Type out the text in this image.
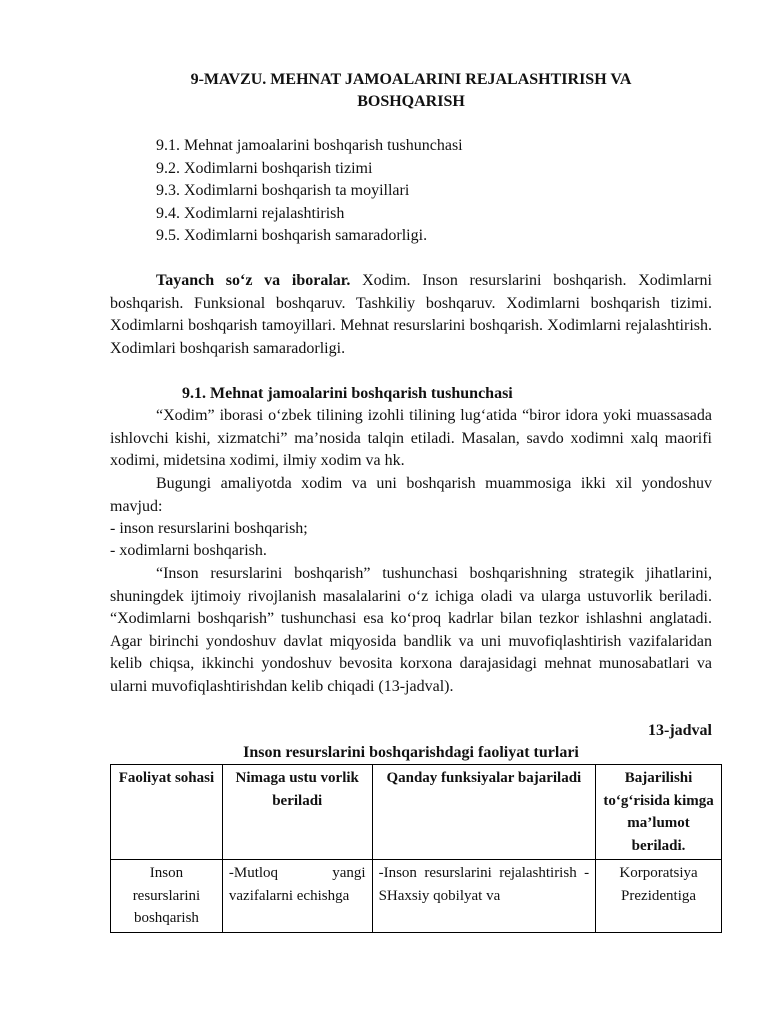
9-MAVZU. MEHNAT JAMOALARINI REJALASHTIRISH VA
BOSHQARISH
9.1. Mehnat jamoalarini boshqarish tushunchasi
9.2. Xodimlarni boshqarish tizimi
9.3. Xodimlarni boshqarish ta moyillari
9.4. Xodimlarni rejalashtirish
9.5. Xodimlarni boshqarish samaradorligi.
Tayanch so‘z va iboralar. Xodim. Inson resurslarini boshqarish. Xodimlarni boshqarish. Funksional boshqaruv. Tashkiliy boshqaruv. Xodimlarni boshqarish tizimi. Xodimlarni boshqarish tamoyillari. Mehnat resurslarini boshqarish. Xodimlarni rejalashtirish. Xodimlari boshqarish samaradorligi.
9.1. Mehnat jamoalarini boshqarish tushunchasi
“Xodim” iborasi o‘zbek tilining izohli tilining lug‘atida “biror idora yoki muassasada ishlovchi kishi, xizmatchi” ma’nosida talqin etiladi. Masalan, savdo xodimni xalq maorifi xodimi, midetsina xodimi, ilmiy xodim va hk.
Bugungi amaliyotda xodim va uni boshqarish muammosiga ikki xil yondoshuv mavjud:
- inson resurslarini boshqarish;
- xodimlarni boshqarish.
“Inson resurslarini boshqarish” tushunchasi boshqarishning strategik jihatlarini, shuningdek ijtimoiy rivojlanish masalalarini o‘z ichiga oladi va ularga ustuvorlik beriladi. “Xodimlarni boshqarish” tushunchasi esa ko‘proq kadrlar bilan tezkor ishlashni anglatadi. Agar birinchi yondoshuv davlat miqyosida bandlik va uni muvofiqlashtirish vazifalaridan kelib chiqsa, ikkinchi yondoshuv bevosita korxona darajasidagi mehnat munosabatlari va ularni muvofiqlashtirishdan kelib chiqadi (13-jadval).
13-jadval
Inson resurslarini boshqarishdagi faoliyat turlari
Faoliyat sohasi	Nimaga ustu vorlik beriladi	Qanday funksiyalar bajariladi	Bajarilishi to‘g‘risida kimga ma’lumot beriladi.
Inson resurslarini boshqarish	-Mutloq yangi vazifalarni echishga	-Inson resurslarini rejalashtirish -SHaxsiy qobilyat va	Korporatsiya Prezidentiga
